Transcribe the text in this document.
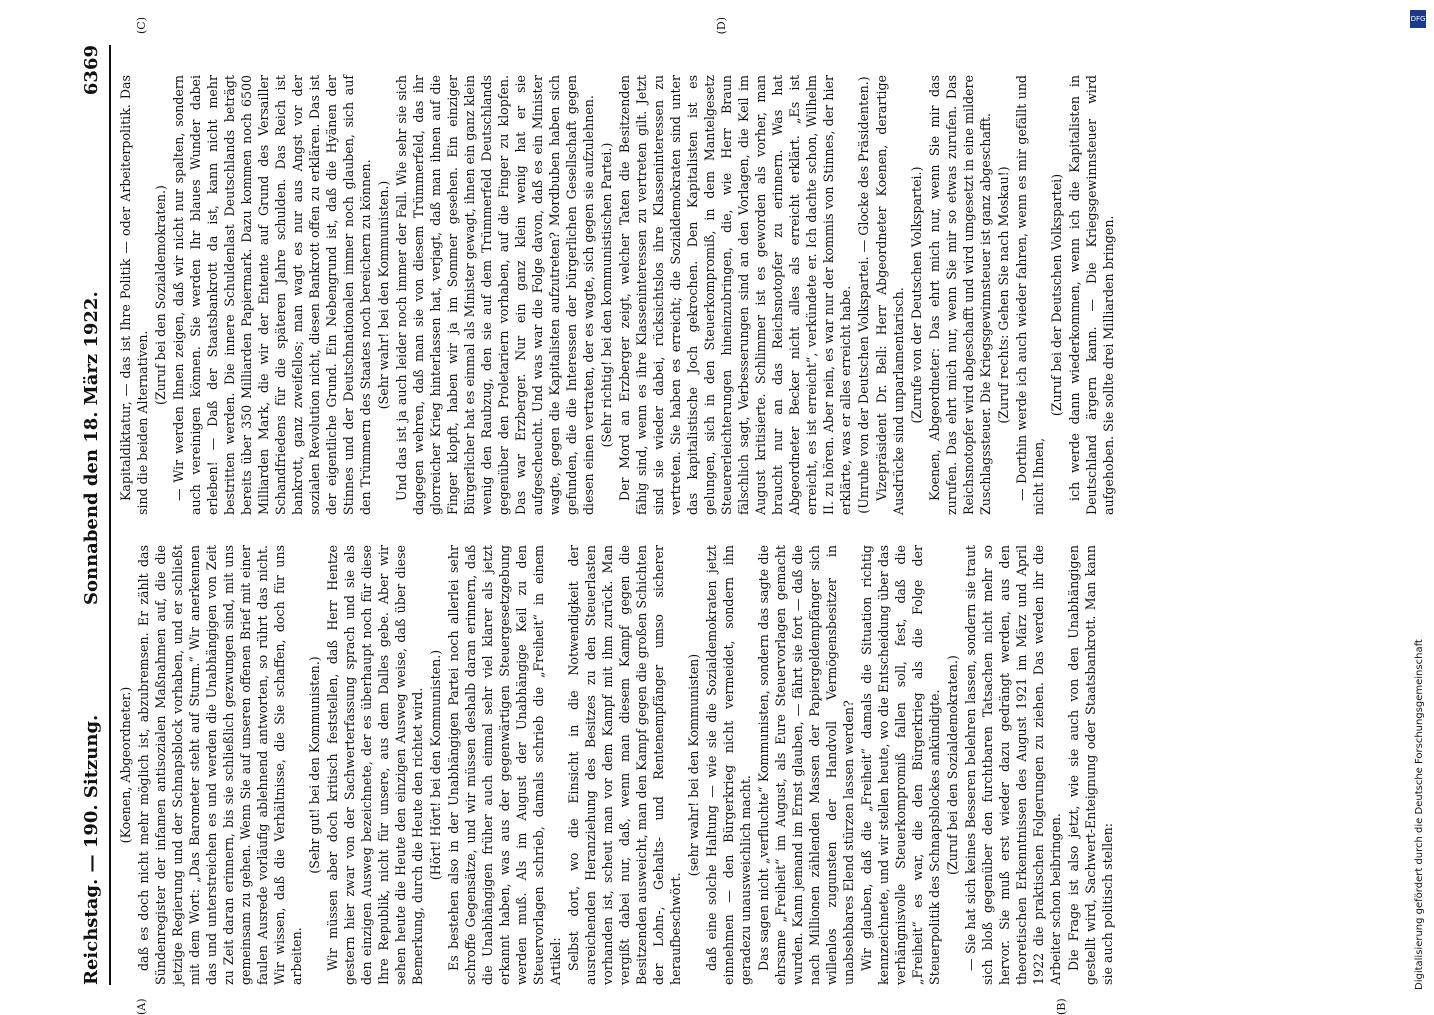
Reichstag. — 190. Sitzung.
Sonnabend den 18. März 1922.
6369
(A)	(B)
(C)	(D)

(Koenen, Abgeordneter.) daß es doch nicht mehr möglich ist, abzubremsen. Er zählt das Sündenregister der infamen antisozialen Maßnahmen auf, die die jetzige Regierung und der Schnapsblock vorhaben, und er schließt mit dem Wort: „Das Barometer steht auf Sturm.“ Wir anerkennen das und unterstreichen es und werden die Unabhängigen von Zeit zu Zeit daran erinnern, bis sie schließlich gezwungen sind, mit uns gemeinsam zu gehen. Wenn Sie auf unseren offenen Brief mit einer faulen Ausrede vorläufig ablehnend antworten, so rührt das nicht. Wir wissen, daß die Verhältnisse, die Sie schaffen, doch für uns arbeiten.

(Sehr gut! bei den Kommunisten.) Wir müssen aber doch kritisch feststellen, daß Herr Hentze gestern hier zwar von der Sachwerterfassung sprach und sie als den einzigen Ausweg bezeichnete, der es überhaupt noch für diese Ihre Republik, nicht für unsere, aus dem Dalles gebe. Aber wir sehen heute die Heute den einzigen Ausweg weise, daß über diese Bemerkung, durch die Heute den richtet wird. (Hört! Hört! bei den Kommunisten.) Es bestehen also in der Unabhängigen Partei noch allerlei sehr schroffe Gegensätze, und wir müssen deshalb daran erinnern, daß die Unabhängigen früher auch einmal sehr viel klarer als jetzt erkannt haben, was aus der gegenwärtigen Steuergesetzgebung werden muß. Als im August der Unabhängige Keil zu den Steuervorlagen schrieb, damals schrieb die „Freiheit“ in einem Artikel: Selbst dort, wo die Einsicht in die Notwendigkeit der ausreichenden Heranziehung des Besitzes zu den Steuerlasten vorhanden ist, scheut man vor dem Kampf mit ihm zurück. Man vergißt dabei nur, daß, wenn man diesem Kampf gegen die Besitzenden ausweicht, man den Kampf gegen die großen Schichten der Lohn-, Gehalts- und Rentenempfänger umso sicherer heraufbeschwört.

(sehr wahr! bei den Kommunisten) daß eine solche Haltung — wie sie die Sozialdemokraten jetzt einnehmen — den Bürgerkrieg nicht vermeidet, sondern ihn geradezu unausweichlich macht. Das sagen nicht „verfluchte“ Kommunisten, sondern das sagte die ehrsame „Freiheit“ im August, als Eure Steuervorlagen gemacht wurden. Kann jemand im Ernst glauben, — fährt sie fort — daß die nach Millionen zählenden Massen der Papiergeldempfänger sich willenlos zugunsten der Handvoll Vermögensbesitzer in unabsehbares Elend stürzen lassen werden? Wir glauben, daß die „Freiheit“ damals die Situation richtig kennzeichnete, und wir stellen heute, wo die Entscheidung über das verhängnisvolle Steuerkompromiß fallen soll, fest, daß die „Freiheit“ es war, die den Bürgerkrieg als die Folge der Steuerpolitik des Schnapsblockes ankündigte. (Zuruf bei den Sozialdemokraten.) — Sie hat sich keines Besseren belehren lassen, sondern sie traut sich bloß gegenüber den furchtbaren Tatsachen nicht mehr so hervor. Sie muß erst wieder dazu gedrängt werden, aus den theoretischen Erkenntnissen des August 1921 im März und April 1922 die praktischen Folgerungen zu ziehen. Das werden ihr die Arbeiter schon beibringen. Die Frage ist also jetzt, wie sie auch von den Unabhängigen gestellt wird, Sachwert-Enteignung oder Staatsbankrott. Man kann sie auch politisch stellen:

Kapitaldiktatur, — das ist Ihre Politik — oder Arbeiterpolitik. Das sind die beiden Alternativen.

(Zuruf bei den Sozialdemokraten.) — Wir werden Ihnen zeigen, daß wir nicht nur spalten, sondern auch vereinigen können. Sie werden Ihr blaues Wunder dabei erleben! — Daß der Staatsbankrott da ist, kann nicht mehr bestritten werden. Die innere Schuldenlast Deutschlands beträgt bereits über 350 Milliarden Papiermark. Dazu kommen noch 6500 Milliarden Mark, die wir der Entente auf Grund des Versailler Schandfriedens für die späteren Jahre schulden. Das Reich ist bankrott, ganz zweifellos; man wagt es nur aus Angst vor der sozialen Revolution nicht, diesen Bankrott offen zu erklären. Das ist der eigentliche Grund. Ein Nebengrund ist, daß die Hyänen der Stinnes und der Deutschnationalen immer noch glauben, sich auf den Trümmern des Staates noch bereichern zu können. (Sehr wahr! bei den Kommunisten.) Und das ist ja auch leider noch immer der Fall. Wie sehr sie sich dagegen wehren, daß man sie von diesem Trümmerfeld, das ihr glorreicher Krieg hinterlassen hat, verjagt, daß man ihnen auf die Finger klopft, haben wir ja im Sommer gesehen. Ein einziger Bürgerlicher hat es einmal als Minister gewagt, ihnen ein ganz klein wenig den Raubzug, den sie auf dem Trümmerfeld Deutschlands gegenüber den Proletariern vorhaben, auf die Finger zu klopfen. Das war Erzberger. Nur ein ganz klein wenig hat er sie aufgescheucht. Und was war die Folge davon, daß es ein Minister wagte, gegen die Kapitalisten aufzutreten? Mordbuben haben sich gefunden, die die Interessen der bürgerlichen Gesellschaft gegen diesen einen vertraten, der es wagte, sich gegen sie aufzulehnen. (Sehr richtig! bei den kommunistischen Partei.) Der Mord an Erzberger zeigt, welcher Taten die Besitzenden fähig sind, wenn es ihre Klasseninteressen zu vertreten gilt. Jetzt sind sie wieder dabei, rücksichtslos ihre Klasseninteressen zu vertreten. Sie haben es erreicht; die Sozialdemokraten sind unter das kapitalistische Joch gekrochen. Den Kapitalisten ist es gelungen, sich in den Steuerkompromiß, in dem Mantelgesetz Steuererleichterungen hineinzubringen, die, wie Herr Braun fälschlich sagt, Verbesserungen sind an den Vorlagen, die Keil im August kritisierte. Schlimmer ist es geworden als vorher, man braucht nur an das Reichsnotopfer zu erinnern. Was hat Abgeordneter Becker nicht alles als erreicht erklärt. „Es ist erreicht, es ist erreicht“, verkündete er. Ich dachte schon, Wilhelm II. zu hören. Aber nein, es war nur der kommis von Stinnes, der hier erklärte, was er alles erreicht habe. (Unruhe von der Deutschen Volkspartei. — Glocke des Präsidenten.) Vizepräsident Dr. Bell: Herr Abgeordneter Koenen, derartige Ausdrücke sind unparlamentarisch. (Zurufe von der Deutschen Volkspartei.) Koenen, Abgeordneter: Das ehrt mich nur, wenn Sie mir das zurufen. Das ehrt mich nur, wenn Sie mir so etwas zurufen. Das Reichsnotopfer wird abgeschafft und wird umgesetzt in eine mildere Zuschlagssteuer. Die Kriegsgewinnsteuer ist ganz abgeschafft. (Zuruf rechts: Gehen Sie nach Moskau!) — Dorthin werde ich auch wieder fahren, wenn es mir gefällt und nicht Ihnen,

(Zuruf bei der Deutschen Volkspartei) ich werde dann wiederkommen, wenn ich die Kapitalisten in Deutschland ärgern kann. — Die Kriegsgewinnsteuer wird aufgehoben. Sie sollte drei Milliarden bringen.

DFG
Digitalisierung gefördert durch die Deutsche Forschungsgemeinschaft
